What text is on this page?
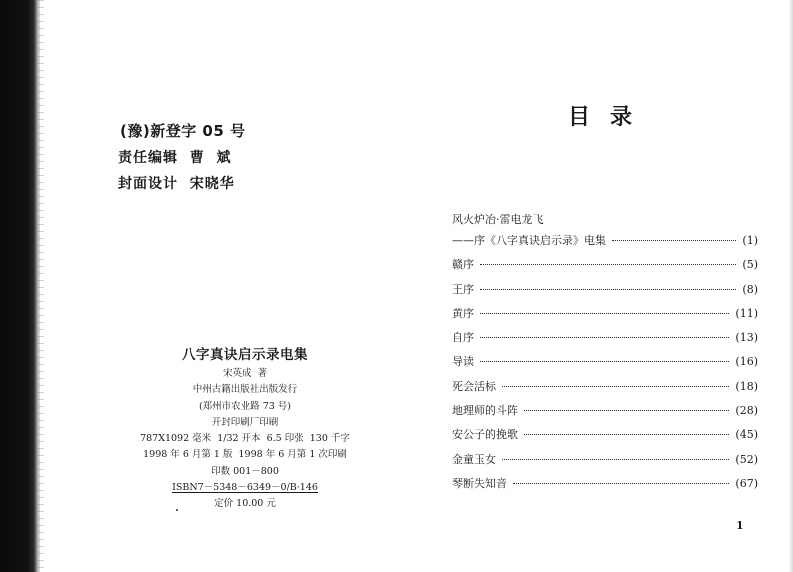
(豫)新登字 05 号
责任编辑  曹  斌
封面设计  宋晓华
八字真诀启示录电集
宋英成  著
中州古籍出版社出版发行
(郑州市农业路 73 号)
开封印刷厂印刷
787X1092 毫米  1/32 开本  6.5 印张  130 千字
1998 年 6 月第 1 版  1998 年 6 月第 1 次印刷
印数 001－800
ISBN7－5348－6349－0/B·146
定价 10.00 元
目录
风火炉冶·雷电龙飞
——序《八字真诀启示录》电集	(1)
赣序	(5)
王序	(8)
黄序	(11)
自序	(13)
导读	(16)
死会活标	(18)
地理师的斗阵	(28)
安公子的挽歌	(45)
金童玉女	(52)
琴断失知音	(67)
1
